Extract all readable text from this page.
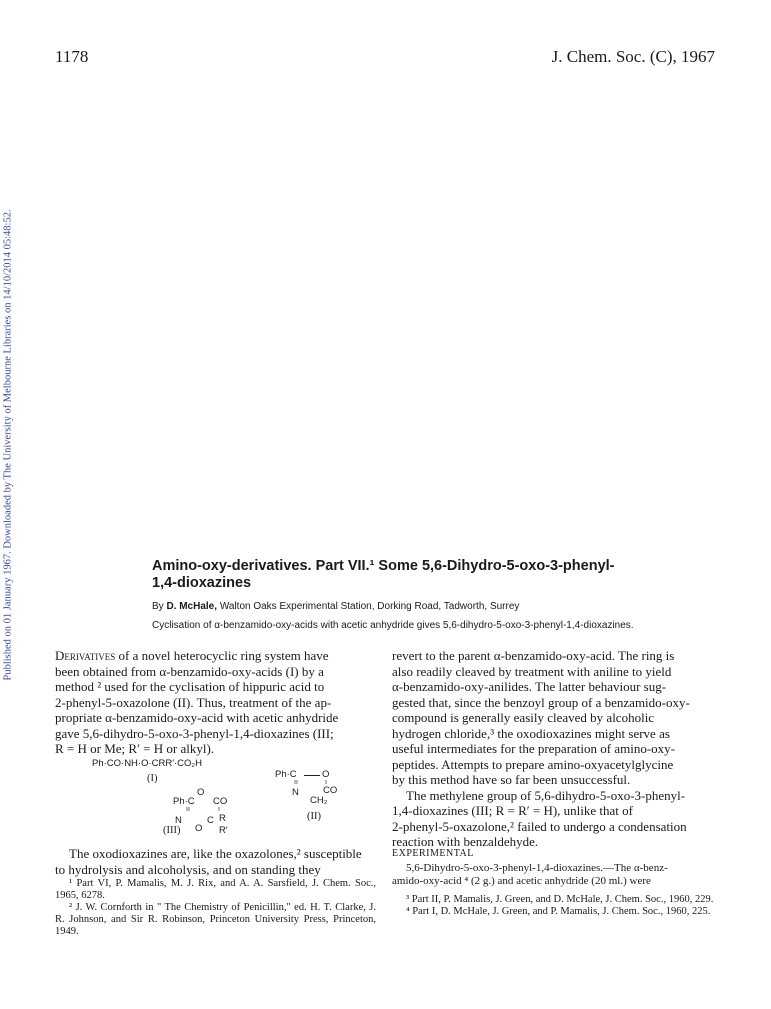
1178	J. Chem. Soc. (C), 1967
Published on 01 January 1967. Downloaded by The University of Melbourne Libraries on 14/10/2014 05:48:52.	Amino-oxy-derivatives. Part VII.¹ Some 5,6-Dihydro-5-oxo-3-phenyl-
1,4-dioxazines
By D. McHale, Walton Oaks Experimental Station, Dorking Road, Tadworth, Surrey
Cyclisation of α-benzamido-oxy-acids with acetic anhydride gives 5,6-dihydro-5-oxo-3-phenyl-1,4-dioxazines.

Derivatives of a novel heterocyclic ring system have

been obtained from α-benzamido-oxy-acids (I) by a

method ² used for the cyclisation of hippuric acid to

2-phenyl-5-oxazolone (II). Thus, treatment of the ap-

propriate α-benzamido-oxy-acid with acetic anhydride

gave 5,6-dihydro-5-oxo-3-phenyl-1,4-dioxazines (III;

R = H or Me; R′ = H or alkyl).

Ph·CO·NH·O·CRR′·CO₂H
(I)	Ph·C	O
ıı	ı
N	CO
CH₂
(II)
O
Ph·C CO
ıı	ı
N	C R
O R′
(III)

The oxodioxazines are, like the oxazolones,² susceptible

to hydrolysis and alcoholysis, and on standing they

¹ Part VI, P. Mamalis, M. J. Rix, and A. A. Sarsfield, J. Chem. Soc., 1965, 6278.

² J. W. Cornforth in " The Chemistry of Penicillin," ed. H. T. Clarke, J. R. Johnson, and Sir R. Robinson, Princeton University Press, Princeton, 1949.

revert to the parent α-benzamido-oxy-acid. The ring is

also readily cleaved by treatment with aniline to yield

α-benzamido-oxy-anilides. The latter behaviour sug-

gested that, since the benzoyl group of a benzamido-oxy-

compound is generally easily cleaved by alcoholic

hydrogen chloride,³ the oxodioxazines might serve as

useful intermediates for the preparation of amino-oxy-

peptides. Attempts to prepare amino-oxyacetylglycine

by this method have so far been unsuccessful.

The methylene group of 5,6-dihydro-5-oxo-3-phenyl-

1,4-dioxazines (III; R = R′ = H), unlike that of

2-phenyl-5-oxazolone,² failed to undergo a condensation

reaction with benzaldehyde.

EXPERIMENTAL

5,6-Dihydro-5-oxo-3-phenyl-1,4-dioxazines.—The α-benz-

amido-oxy-acid ⁴ (2 g.) and acetic anhydride (20 ml.) were

³ Part II, P. Mamalis, J. Green, and D. McHale, J. Chem. Soc., 1960, 229.

⁴ Part I, D. McHale, J. Green, and P. Mamalis, J. Chem. Soc., 1960, 225.
